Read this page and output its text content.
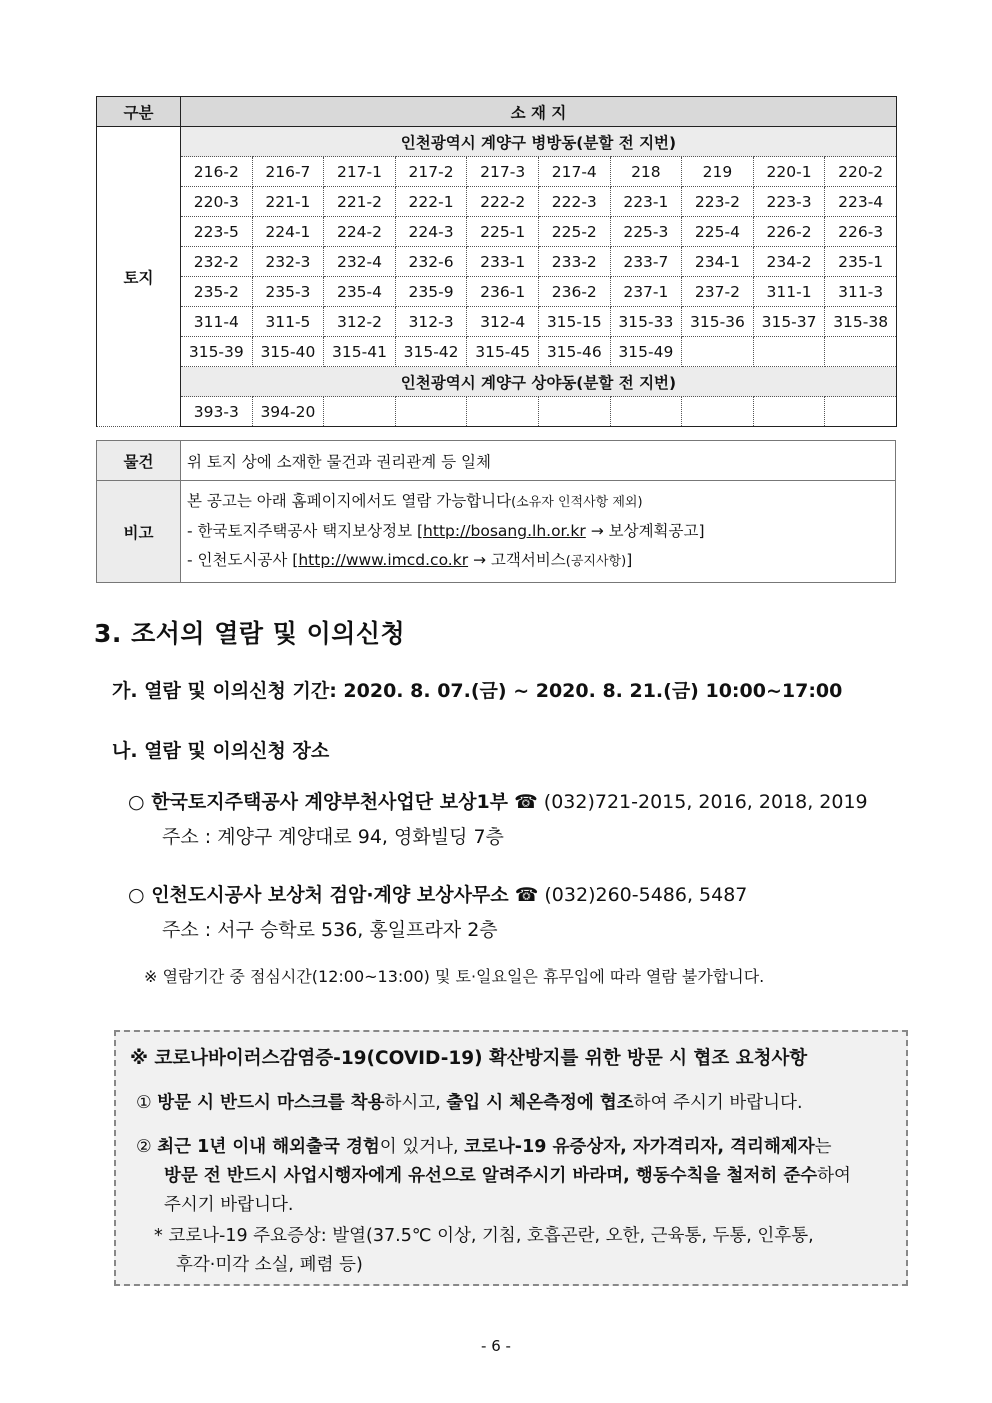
구분	소 재 지									
토지	인천광역시 계양구 병방동(분할 전 지번)									
	216-2	216-7	217-1	217-2	217-3	217-4	218	219	220-1	220-2
	220-3	221-1	221-2	222-1	222-2	222-3	223-1	223-2	223-3	223-4
	223-5	224-1	224-2	224-3	225-1	225-2	225-3	225-4	226-2	226-3
	232-2	232-3	232-4	232-6	233-1	233-2	233-7	234-1	234-2	235-1
	235-2	235-3	235-4	235-9	236-1	236-2	237-1	237-2	311-1	311-3
	311-4	311-5	312-2	312-3	312-4	315-15	315-33	315-36	315-37	315-38
	315-39	315-40	315-41	315-42	315-45	315-46	315-49			
	인천광역시 계양구 상야동(분할 전 지번)									
	393-3	394-20								
물건	위 토지 상에 소재한 물건과 권리관계 등 일체
비고	본 공고는 아래 홈페이지에서도 열람 가능합니다(소유자 인적사항 제외)
- 한국토지주택공사 택지보상정보 [http://bosang.lh.or.kr → 보상계획공고]
- 인천도시공사 [http://www.imcd.co.kr → 고객서비스(공지사항)]
3. 조서의 열람 및 이의신청
가. 열람 및 이의신청 기간: 2020. 8. 07.(금) ~ 2020. 8. 21.(금) 10:00~17:00
나. 열람 및 이의신청 장소
○ 한국토지주택공사 계양부천사업단 보상1부 ☎ (032)721-2015, 2016, 2018, 2019
주소 : 계양구 계양대로 94, 영화빌딩 7층
○ 인천도시공사 보상처 검암·계양 보상사무소 ☎ (032)260-5486, 5487
주소 : 서구 승학로 536, 홍일프라자 2층
※ 열람기간 중 점심시간(12:00~13:00) 및 토·일요일은 휴무입에 따라 열람 불가합니다.
※ 코로나바이러스감염증-19(COVID-19) 확산방지를 위한 방문 시 협조 요청사항
① 방문 시 반드시 마스크를 착용하시고, 출입 시 체온측정에 협조하여 주시기 바랍니다.
② 최근 1년 이내 해외출국 경험이 있거나, 코로나-19 유증상자, 자가격리자, 격리해제자는
방문 전 반드시 사업시행자에게 유선으로 알려주시기 바라며, 행동수칙을 철저히 준수하여
주시기 바랍니다.
* 코로나-19 주요증상: 발열(37.5℃ 이상, 기침, 호흡곤란, 오한, 근육통, 두통, 인후통,
후각·미각 소실, 폐렴 등)
- 6 -
